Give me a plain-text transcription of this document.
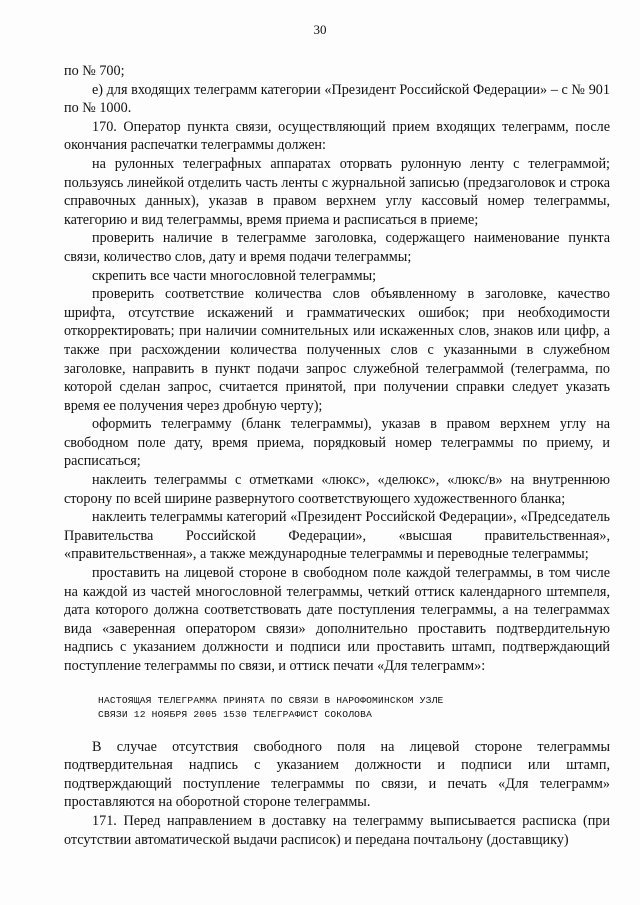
30

по № 700;

е) для входящих телеграмм категории «Президент Российской Федерации» – с № 901 по № 1000.

170. Оператор пункта связи, осуществляющий прием входящих телеграмм, после окончания распечатки телеграммы должен:

на рулонных телеграфных аппаратах оторвать рулонную ленту с телеграммой; пользуясь линейкой отделить часть ленты с журнальной записью (предзаголовок и строка справочных данных), указав в правом верхнем углу кассовый номер телеграммы, категорию и вид телеграммы, время приема и расписаться в приеме;

проверить наличие в телеграмме заголовка, содержащего наименование пункта связи, количество слов, дату и время подачи телеграммы;

скрепить все части многословной телеграммы;

проверить соответствие количества слов объявленному в заголовке, качество шрифта, отсутствие искажений и грамматических ошибок; при необходимости откорректировать; при наличии сомнительных или искаженных слов, знаков или цифр, а также при расхождении количества полученных слов с указанными в служебном заголовке, направить в пункт подачи запрос служебной телеграммой (телеграмма, по которой сделан запрос, считается принятой, при получении справки следует указать время ее получения через дробную черту);

оформить телеграмму (бланк телеграммы), указав в правом верхнем углу на свободном поле дату, время приема, порядковый номер телеграммы по приему, и расписаться;

наклеить телеграммы с отметками «люкс», «делюкс», «люкс/в» на внутреннюю сторону по всей ширине развернутого соответствующего художественного бланка;

наклеить телеграммы категорий «Президент Российской Федерации», «Председатель Правительства Российской Федерации», «высшая правительственная», «правительственная», а также международные телеграммы и переводные телеграммы;

проставить на лицевой стороне в свободном поле каждой телеграммы, в том числе на каждой из частей многословной телеграммы, четкий оттиск календарного штемпеля, дата которого должна соответствовать дате поступления телеграммы, а на телеграммах вида «заверенная оператором связи» дополнительно проставить подтвердительную надпись с указанием должности и подписи или проставить штамп, подтверждающий поступление телеграммы по связи, и оттиск печати «Для телеграмм»:

НАСТОЯЩАЯ ТЕЛЕГРАММА ПРИНЯТА ПО СВЯЗИ В НАРОФОМИНСКОМ УЗЛЕ
СВЯЗИ 12 НОЯБРЯ 2005 1530 ТЕЛЕГРАФИСТ СОКОЛОВА

В случае отсутствия свободного поля на лицевой стороне телеграммы подтвердительная надпись с указанием должности и подписи или штамп, подтверждающий поступление телеграммы по связи, и печать «Для телеграмм» проставляются на оборотной стороне телеграммы.

171. Перед направлением в доставку на телеграмму выписывается расписка (при отсутствии автоматической выдачи расписок) и передана почтальону (доставщику)
